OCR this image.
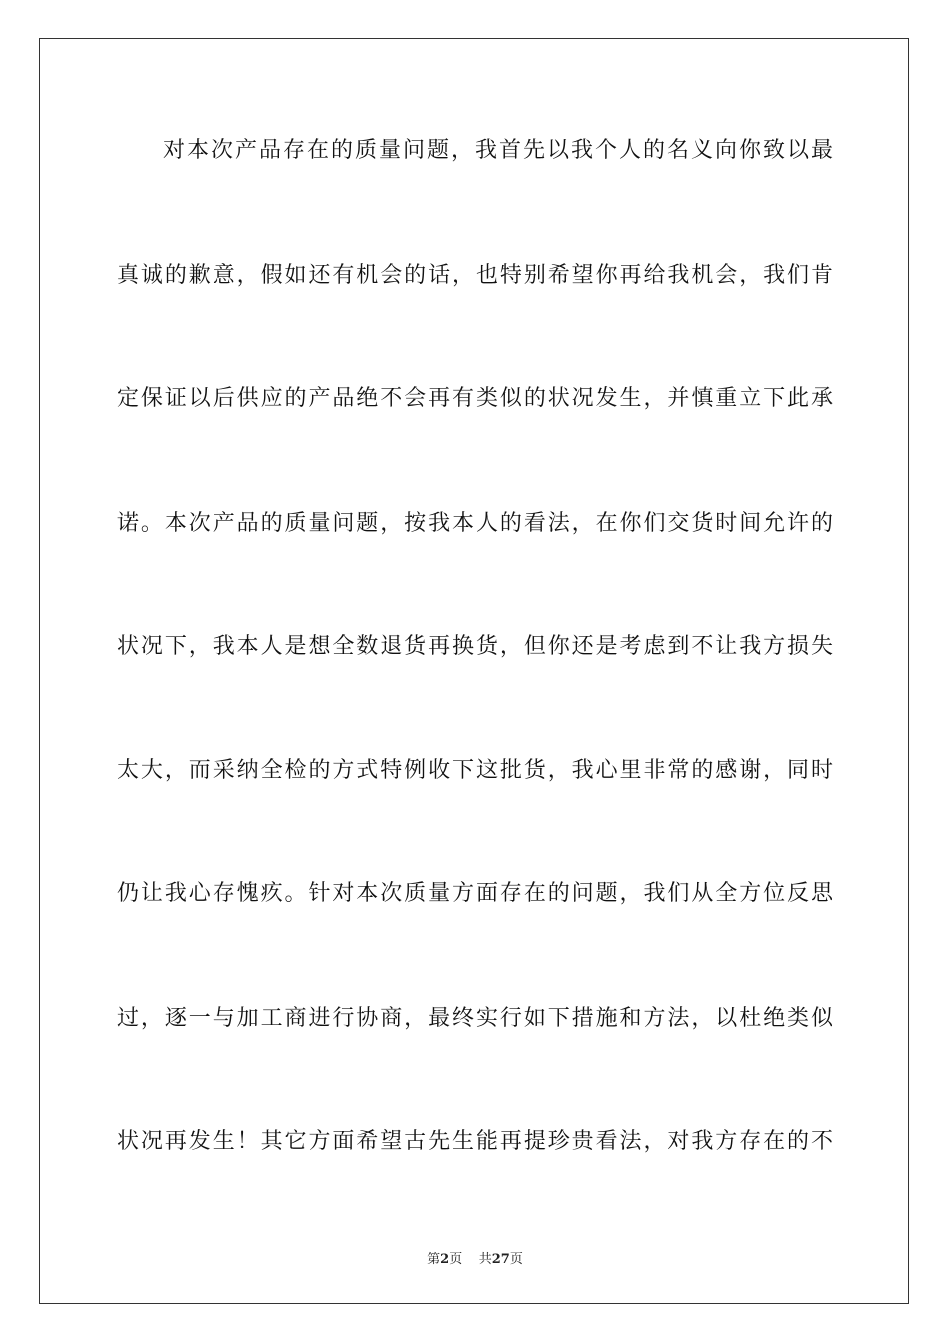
对本次产品存在的质量问题，我首先以我个人的名义向你致以最
真诚的歉意，假如还有机会的话，也特别希望你再给我机会，我们肯
定保证以后供应的产品绝不会再有类似的状况发生，并慎重立下此承
诺。本次产品的质量问题，按我本人的看法，在你们交货时间允许的
状况下，我本人是想全数退货再换货，但你还是考虑到不让我方损失
太大，而采纳全检的方式特例收下这批货，我心里非常的感谢，同时
仍让我心存愧疚。针对本次质量方面存在的问题，我们从全方位反思
过，逐一与加工商进行协商，最终实行如下措施和方法，以杜绝类似
状况再发生！其它方面希望古先生能再提珍贵看法，对我方存在的不
第2页 共27页
